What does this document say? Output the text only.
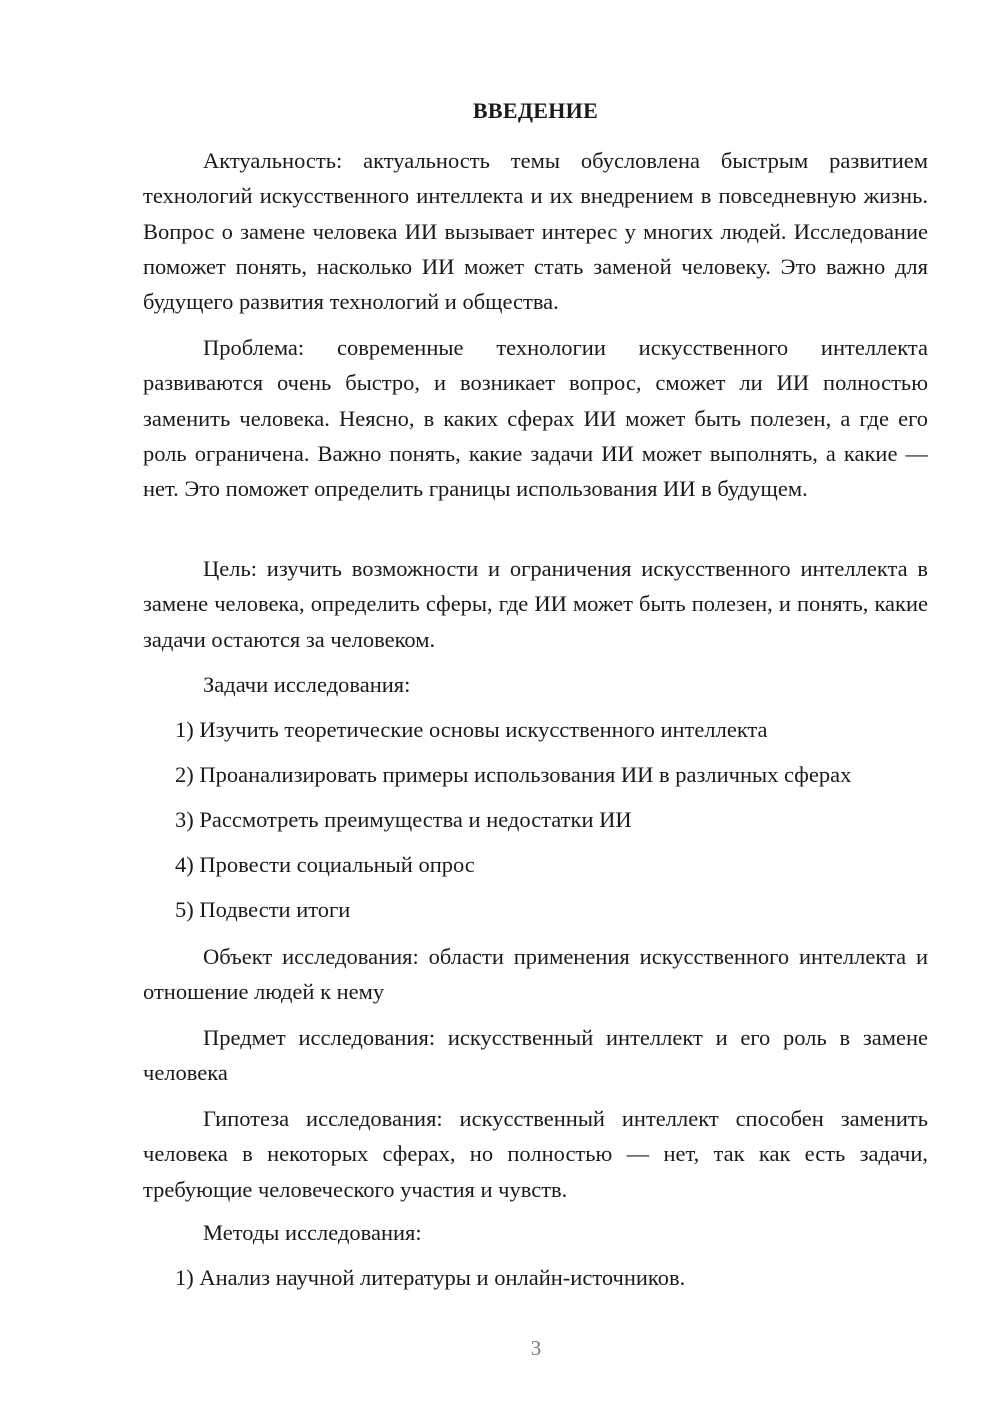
ВВЕДЕНИЕ

Актуальность: актуальность темы обусловлена быстрым развитием технологий искусственного интеллекта и их внедрением в повседневную жизнь. Вопрос о замене человека ИИ вызывает интерес у многих людей. Исследование поможет понять, насколько ИИ может стать заменой человеку. Это важно для будущего развития технологий и общества.

Проблема: современные технологии искусственного интеллекта развиваются очень быстро, и возникает вопрос, сможет ли ИИ полностью заменить человека. Неясно, в каких сферах ИИ может быть полезен, а где его роль ограничена. Важно понять, какие задачи ИИ может выполнять, а какие — нет. Это поможет определить границы использования ИИ в будущем.

Цель: изучить возможности и ограничения искусственного интеллекта в замене человека, определить сферы, где ИИ может быть полезен, и понять, какие задачи остаются за человеком.

Задачи исследования:

1) Изучить теоретические основы искусственного интеллекта

2) Проанализировать примеры использования ИИ в различных сферах

3) Рассмотреть преимущества и недостатки ИИ

4) Провести социальный опрос

5) Подвести итоги

Объект исследования: области применения искусственного интеллекта и отношение людей к нему

Предмет исследования: искусственный интеллект и его роль в замене человека

Гипотеза исследования: искусственный интеллект способен заменить человека в некоторых сферах, но полностью — нет, так как есть задачи, требующие человеческого участия и чувств.

Методы исследования:

1) Анализ научной литературы и онлайн-источников.

3
